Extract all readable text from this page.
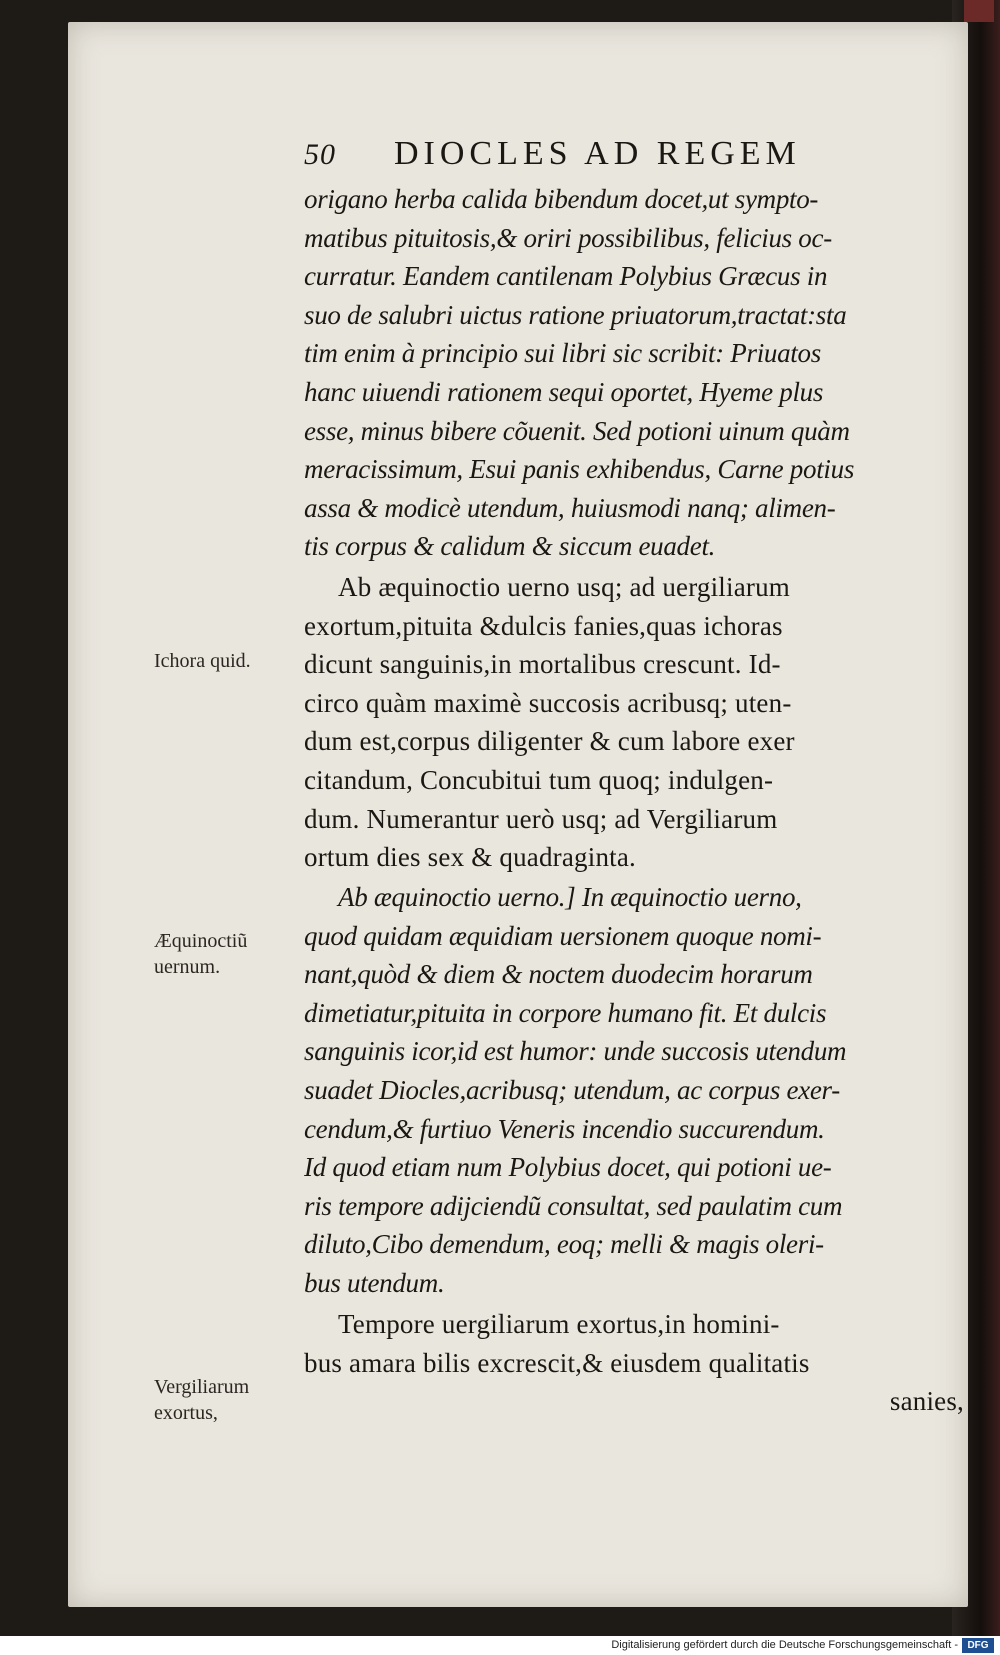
50	DIOCLES AD REGEM
origano herba calida bibendum docet,ut sympto-
matibus pituitosis,& oriri possibilibus, felicius oc-
curratur. Eandem cantilenam Polybius Græcus in
suo de salubri uictus ratione priuatorum,tractat:sta
tim enim à principio sui libri sic scribit: Priuatos
hanc uiuendi rationem sequi oportet, Hyeme plus
esse, minus bibere cõuenit. Sed potioni uinum quàm
meracissimum, Esui panis exhibendus, Carne potius
assa & modicè utendum, huiusmodi nanq; alimen-
tis corpus & calidum & siccum euadet.
Ab æquinoctio uerno usq; ad uergiliarum
exortum,pituita &dulcis fanies,quas ichoras
dicunt sanguinis,in mortalibus crescunt. Id-
circo quàm maximè succosis acribusq; uten-
dum est,corpus diligenter & cum labore exer
citandum, Concubitui tum quoq; indulgen-
dum. Numerantur uerò usq; ad Vergiliarum
ortum dies sex & quadraginta.
Ab æquinoctio uerno.] In æquinoctio uerno,
quod quidam æquidiam uersionem quoque nomi-
nant,quòd & diem & noctem duodecim horarum
dimetiatur,pituita in corpore humano fit. Et dulcis
sanguinis icor,id est humor: unde succosis utendum
suadet Diocles,acribusq; utendum, ac corpus exer-
cendum,& furtiuo Veneris incendio succurendum.
Id quod etiam num Polybius docet, qui potioni ue-
ris tempore adijciendũ consultat, sed paulatim cum
diluto,Cibo demendum, eoq; melli & magis oleri-
bus utendum.
Tempore uergiliarum exortus,in homini-
bus amara bilis excrescit,& eiusdem qualitatis
sanies,
Ichora quid.
Æquinoctiũ
uernum.
Vergiliarum
exortus,
Digitalisierung gefördert durch die Deutsche Forschungsgemeinschaft - DFG
